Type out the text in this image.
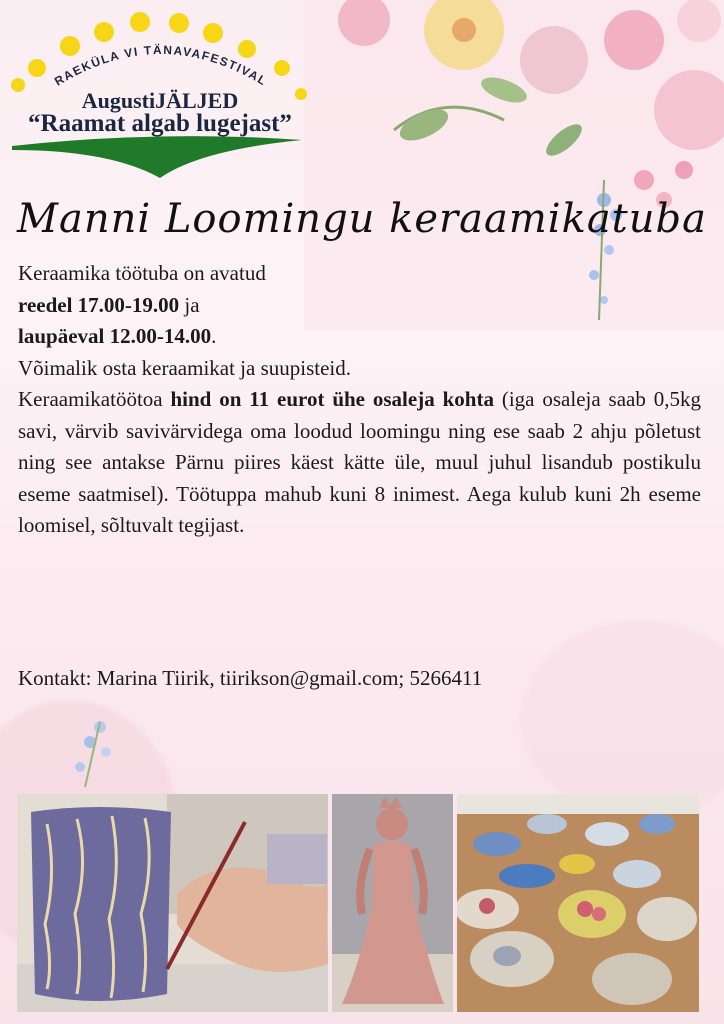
RAEKÜLA VI TÄNAVAFESTIVAL
AugustiJÄLJED
“Raamat algab lugejast”
Manni Loomingu keraamikatuba

Keraamika töötuba on avatud

reedel 17.00-19.00 ja

laupäeval 12.00-14.00.

Võimalik osta keraamikat ja suupisteid.

Keraamikatöötoa hind on 11 eurot ühe osaleja kohta (iga osaleja saab 0,5kg savi, värvib savivärvidega oma loodud loomingu ning ese saab 2 ahju põletust ning see antakse Pärnu piires käest kätte üle, muul juhul lisandub postikulu eseme saatmisel). Töötuppa mahub kuni 8 inimest. Aega kulub kuni 2h eseme loomisel, sõltuvalt tegijast.

Kontakt: Marina Tiirik, tiirikson@gmail.com; 5266411
